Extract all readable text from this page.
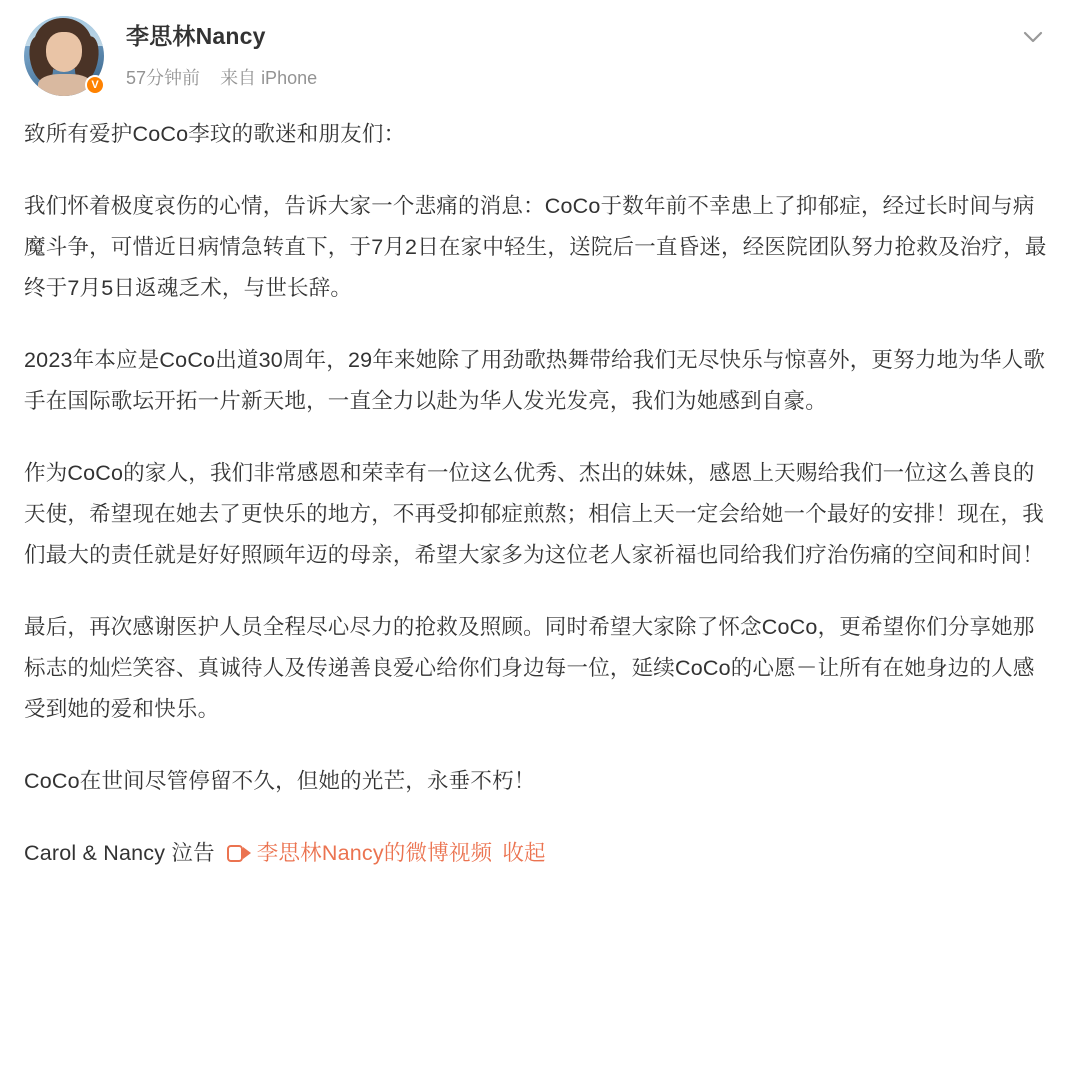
V
李思林Nancy
57分钟前 来自 iPhone

致所有爱护CoCo李玟的歌迷和朋友们：

我们怀着极度哀伤的心情，告诉大家一个悲痛的消息：CoCo于数年前不幸患上了抑郁症，经过长时间与病魔斗争，可惜近日病情急转直下，于7月2日在家中轻生，送院后一直昏迷，经医院团队努力抢救及治疗，最终于7月5日返魂乏术，与世长辞。

2023年本应是CoCo出道30周年，29年来她除了用劲歌热舞带给我们无尽快乐与惊喜外，更努力地为华人歌手在国际歌坛开拓一片新天地，一直全力以赴为华人发光发亮，我们为她感到自豪。

作为CoCo的家人，我们非常感恩和荣幸有一位这么优秀、杰出的妹妹，感恩上天赐给我们一位这么善良的天使，希望现在她去了更快乐的地方，不再受抑郁症煎熬；相信上天一定会给她一个最好的安排！现在，我们最大的责任就是好好照顾年迈的母亲，希望大家多为这位老人家祈福也同给我们疗治伤痛的空间和时间！

最后，再次感谢医护人员全程尽心尽力的抢救及照顾。同时希望大家除了怀念CoCo，更希望你们分享她那标志的灿烂笑容、真诚待人及传递善良爱心给你们身边每一位，延续CoCo的心愿－让所有在她身边的人感受到她的爱和快乐。

CoCo在世间尽管停留不久，但她的光芒，永垂不朽！

Carol & Nancy 泣告 李思林Nancy的微博视频 收起
